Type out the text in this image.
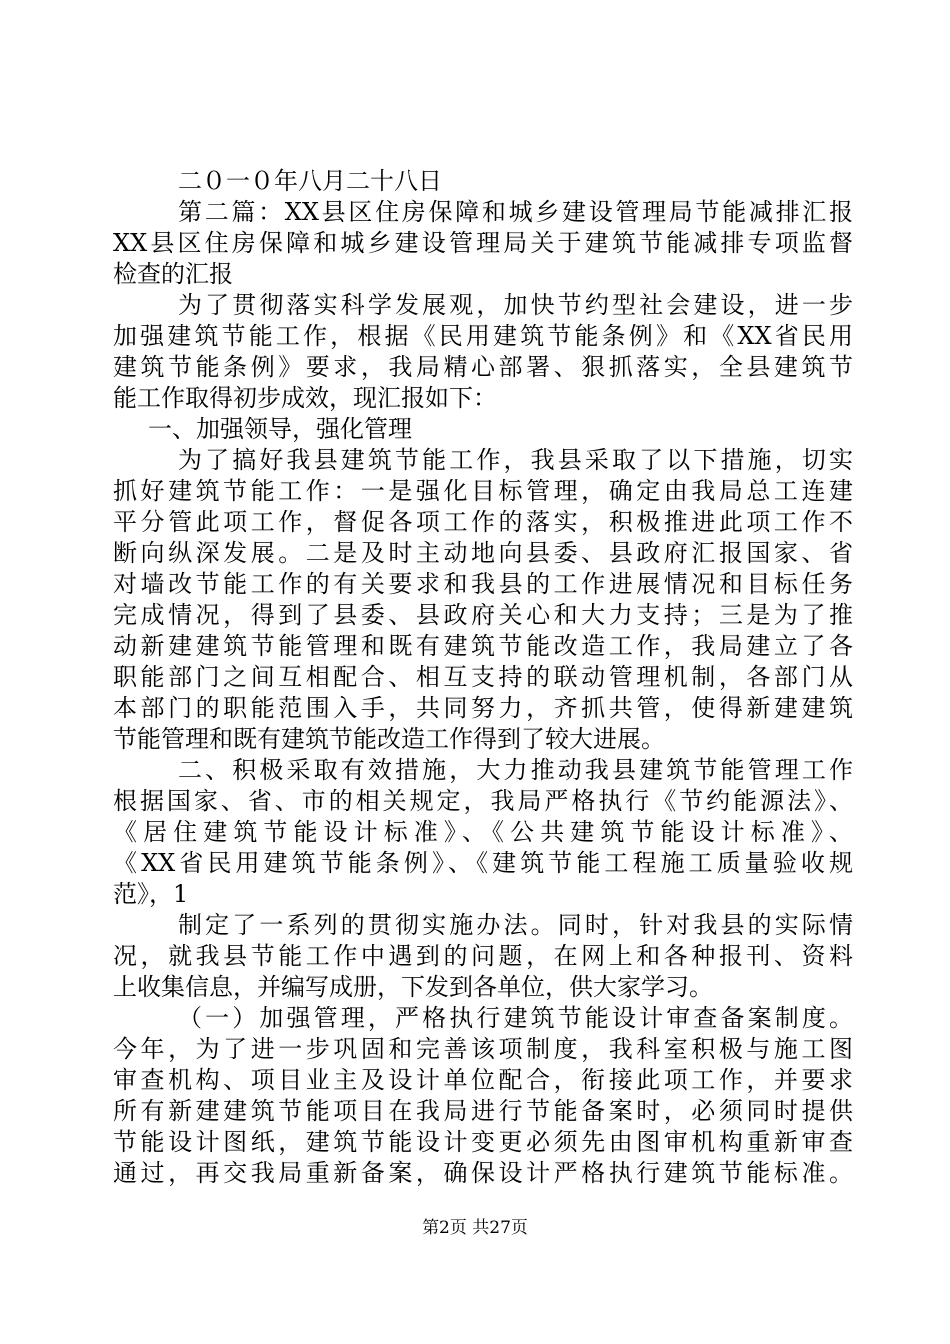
二０一０年八月二十八日
第二篇：XX县区住房保障和城乡建设管理局节能减排汇报
XX县区住房保障和城乡建设管理局关于建筑节能减排专项监督
检查的汇报
为了贯彻落实科学发展观，加快节约型社会建设，进一步
加强建筑节能工作，根据《民用建筑节能条例》和《XX省民用
建筑节能条例》要求，我局精心部署、狠抓落实，全县建筑节
能工作取得初步成效，现汇报如下：
一、加强领导，强化管理
为了搞好我县建筑节能工作，我县采取了以下措施，切实
抓好建筑节能工作：一是强化目标管理，确定由我局总工连建
平分管此项工作，督促各项工作的落实，积极推进此项工作不
断向纵深发展。二是及时主动地向县委、县政府汇报国家、省
对墙改节能工作的有关要求和我县的工作进展情况和目标任务
完成情况，得到了县委、县政府关心和大力支持；三是为了推
动新建建筑节能管理和既有建筑节能改造工作，我局建立了各
职能部门之间互相配合、相互支持的联动管理机制，各部门从
本部门的职能范围入手，共同努力，齐抓共管，使得新建建筑
节能管理和既有建筑节能改造工作得到了较大进展。
二、积极采取有效措施，大力推动我县建筑节能管理工作
根据国家、省、市的相关规定，我局严格执行《节约能源法》、
《居住建筑节能设计标准》、《公共建筑节能设计标准》、
《XX省民用建筑节能条例》、《建筑节能工程施工质量验收规
范》，1
制定了一系列的贯彻实施办法。同时，针对我县的实际情
况，就我县节能工作中遇到的问题，在网上和各种报刊、资料
上收集信息，并编写成册，下发到各单位，供大家学习。
（一）加强管理，严格执行建筑节能设计审查备案制度。
今年，为了进一步巩固和完善该项制度，我科室积极与施工图
审查机构、项目业主及设计单位配合，衔接此项工作，并要求
所有新建建筑节能项目在我局进行节能备案时，必须同时提供
节能设计图纸，建筑节能设计变更必须先由图审机构重新审查
通过，再交我局重新备案，确保设计严格执行建筑节能标准。
第2页 共27页
